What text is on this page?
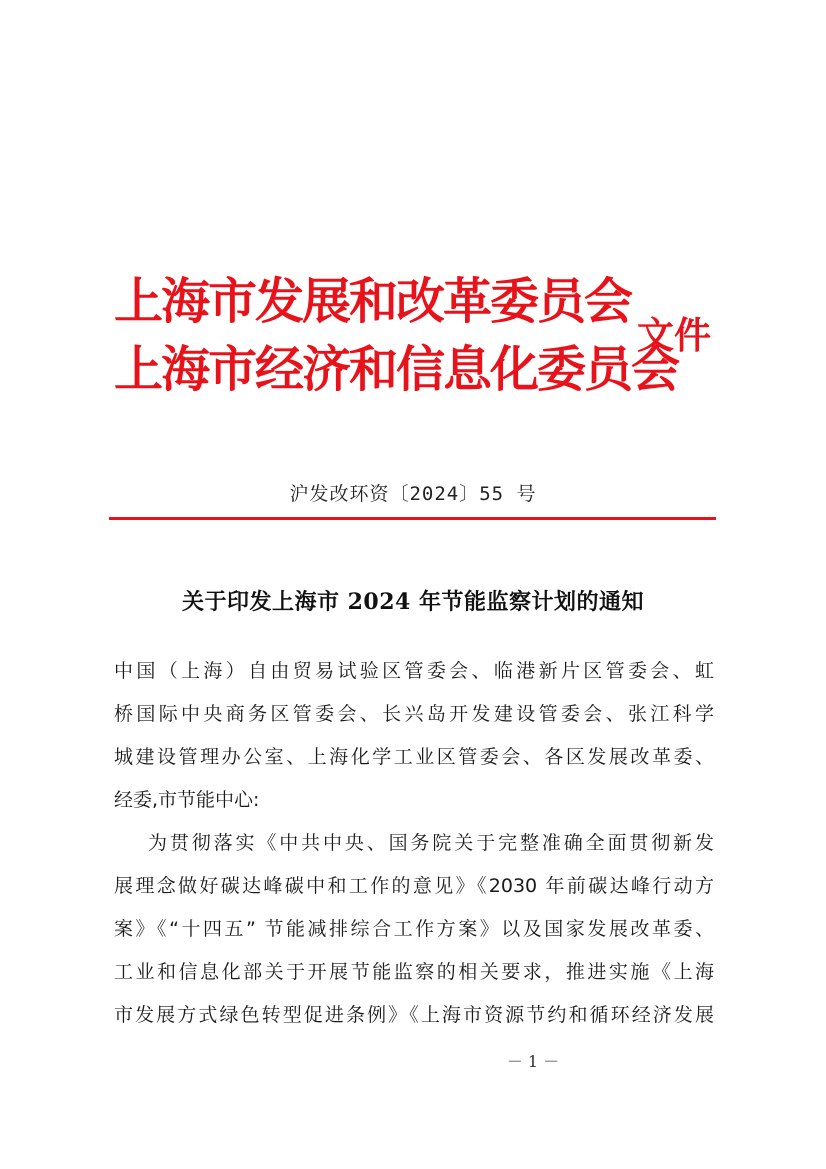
上海市发展和改革委员会
上海市经济和信息化委员会
文件
沪发改环资〔2024〕55 号
关于印发上海市 2024 年节能监察计划的通知
中国（上海）自由贸易试验区管委会、临港新片区管委会、虹
桥国际中央商务区管委会、长兴岛开发建设管委会、张江科学
城建设管理办公室、上海化学工业区管委会、各区发展改革委、
经委,市节能中心:
为贯彻落实《中共中央、国务院关于完整准确全面贯彻新发
展理念做好碳达峰碳中和工作的意见》《2030 年前碳达峰行动方
案》《“十四五” 节能减排综合工作方案》以及国家发展改革委、
工业和信息化部关于开展节能监察的相关要求，推进实施《上海
市发展方式绿色转型促进条例》《上海市资源节约和循环经济发展
－ 1 －
